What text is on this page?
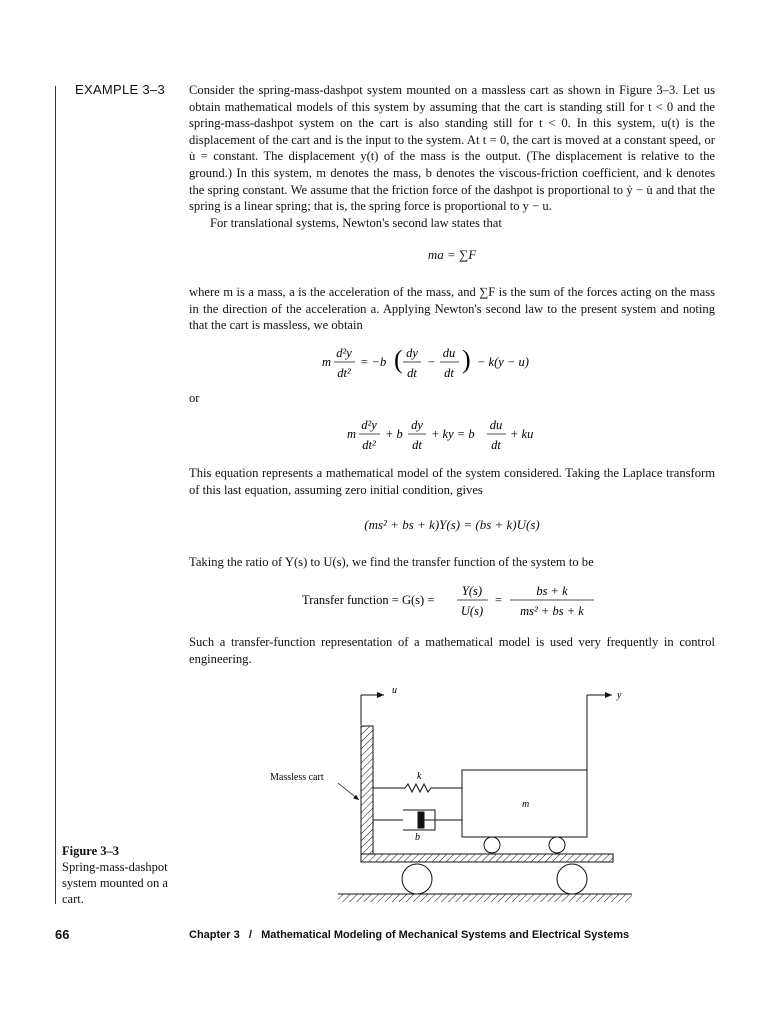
EXAMPLE 3–3 Consider the spring-mass-dashpot system mounted on a massless cart as shown in Figure 3–3. Let us obtain mathematical models of this system by assuming that the cart is standing still for t < 0 and the spring-mass-dashpot system on the cart is also standing still for t < 0. In this system, u(t) is the displacement of the cart and is the input to the system. At t = 0, the cart is moved at a constant speed, or u̇ = constant. The displacement y(t) of the mass is the output. (The displacement is relative to the ground.) In this system, m denotes the mass, b denotes the viscous-friction coefficient, and k denotes the spring constant. We assume that the friction force of the dashpot is proportional to ẏ − u̇ and that the spring is a linear spring; that is, the spring force is proportional to y − u.

For translational systems, Newton's second law states that

ma = ∑F
where m is a mass, a is the acceleration of the mass, and ∑F is the sum of the forces acting on the mass in the direction of the acceleration a. Applying Newton's second law to the present system and noting that the cart is massless, we obtain
m
d²y
dt²
= −b ( dy
dt
−
du
dt ) − k(y − u)
or
m
d²y
dt²
+ b
dy
dt
+ ky = b
du
dt
+ ku
This equation represents a mathematical model of the system considered. Taking the Laplace transform of this last equation, assuming zero initial condition, gives
(ms² + bs + k)Y(s) = (bs + k)U(s)
Taking the ratio of Y(s) to U(s), we find the transfer function of the system to be
Transfer function = G(s) =
Y(s)
U(s)
=
bs + k
ms² + bs + k
Such a transfer-function representation of a mathematical model is used very frequently in control engineering.
u	y
Massless cart	k
b
m
Figure 3–3
Spring-mass-dashpot system mounted on a cart.
66	Chapter 3   /   Mathematical Modeling of Mechanical Systems and Electrical Systems
